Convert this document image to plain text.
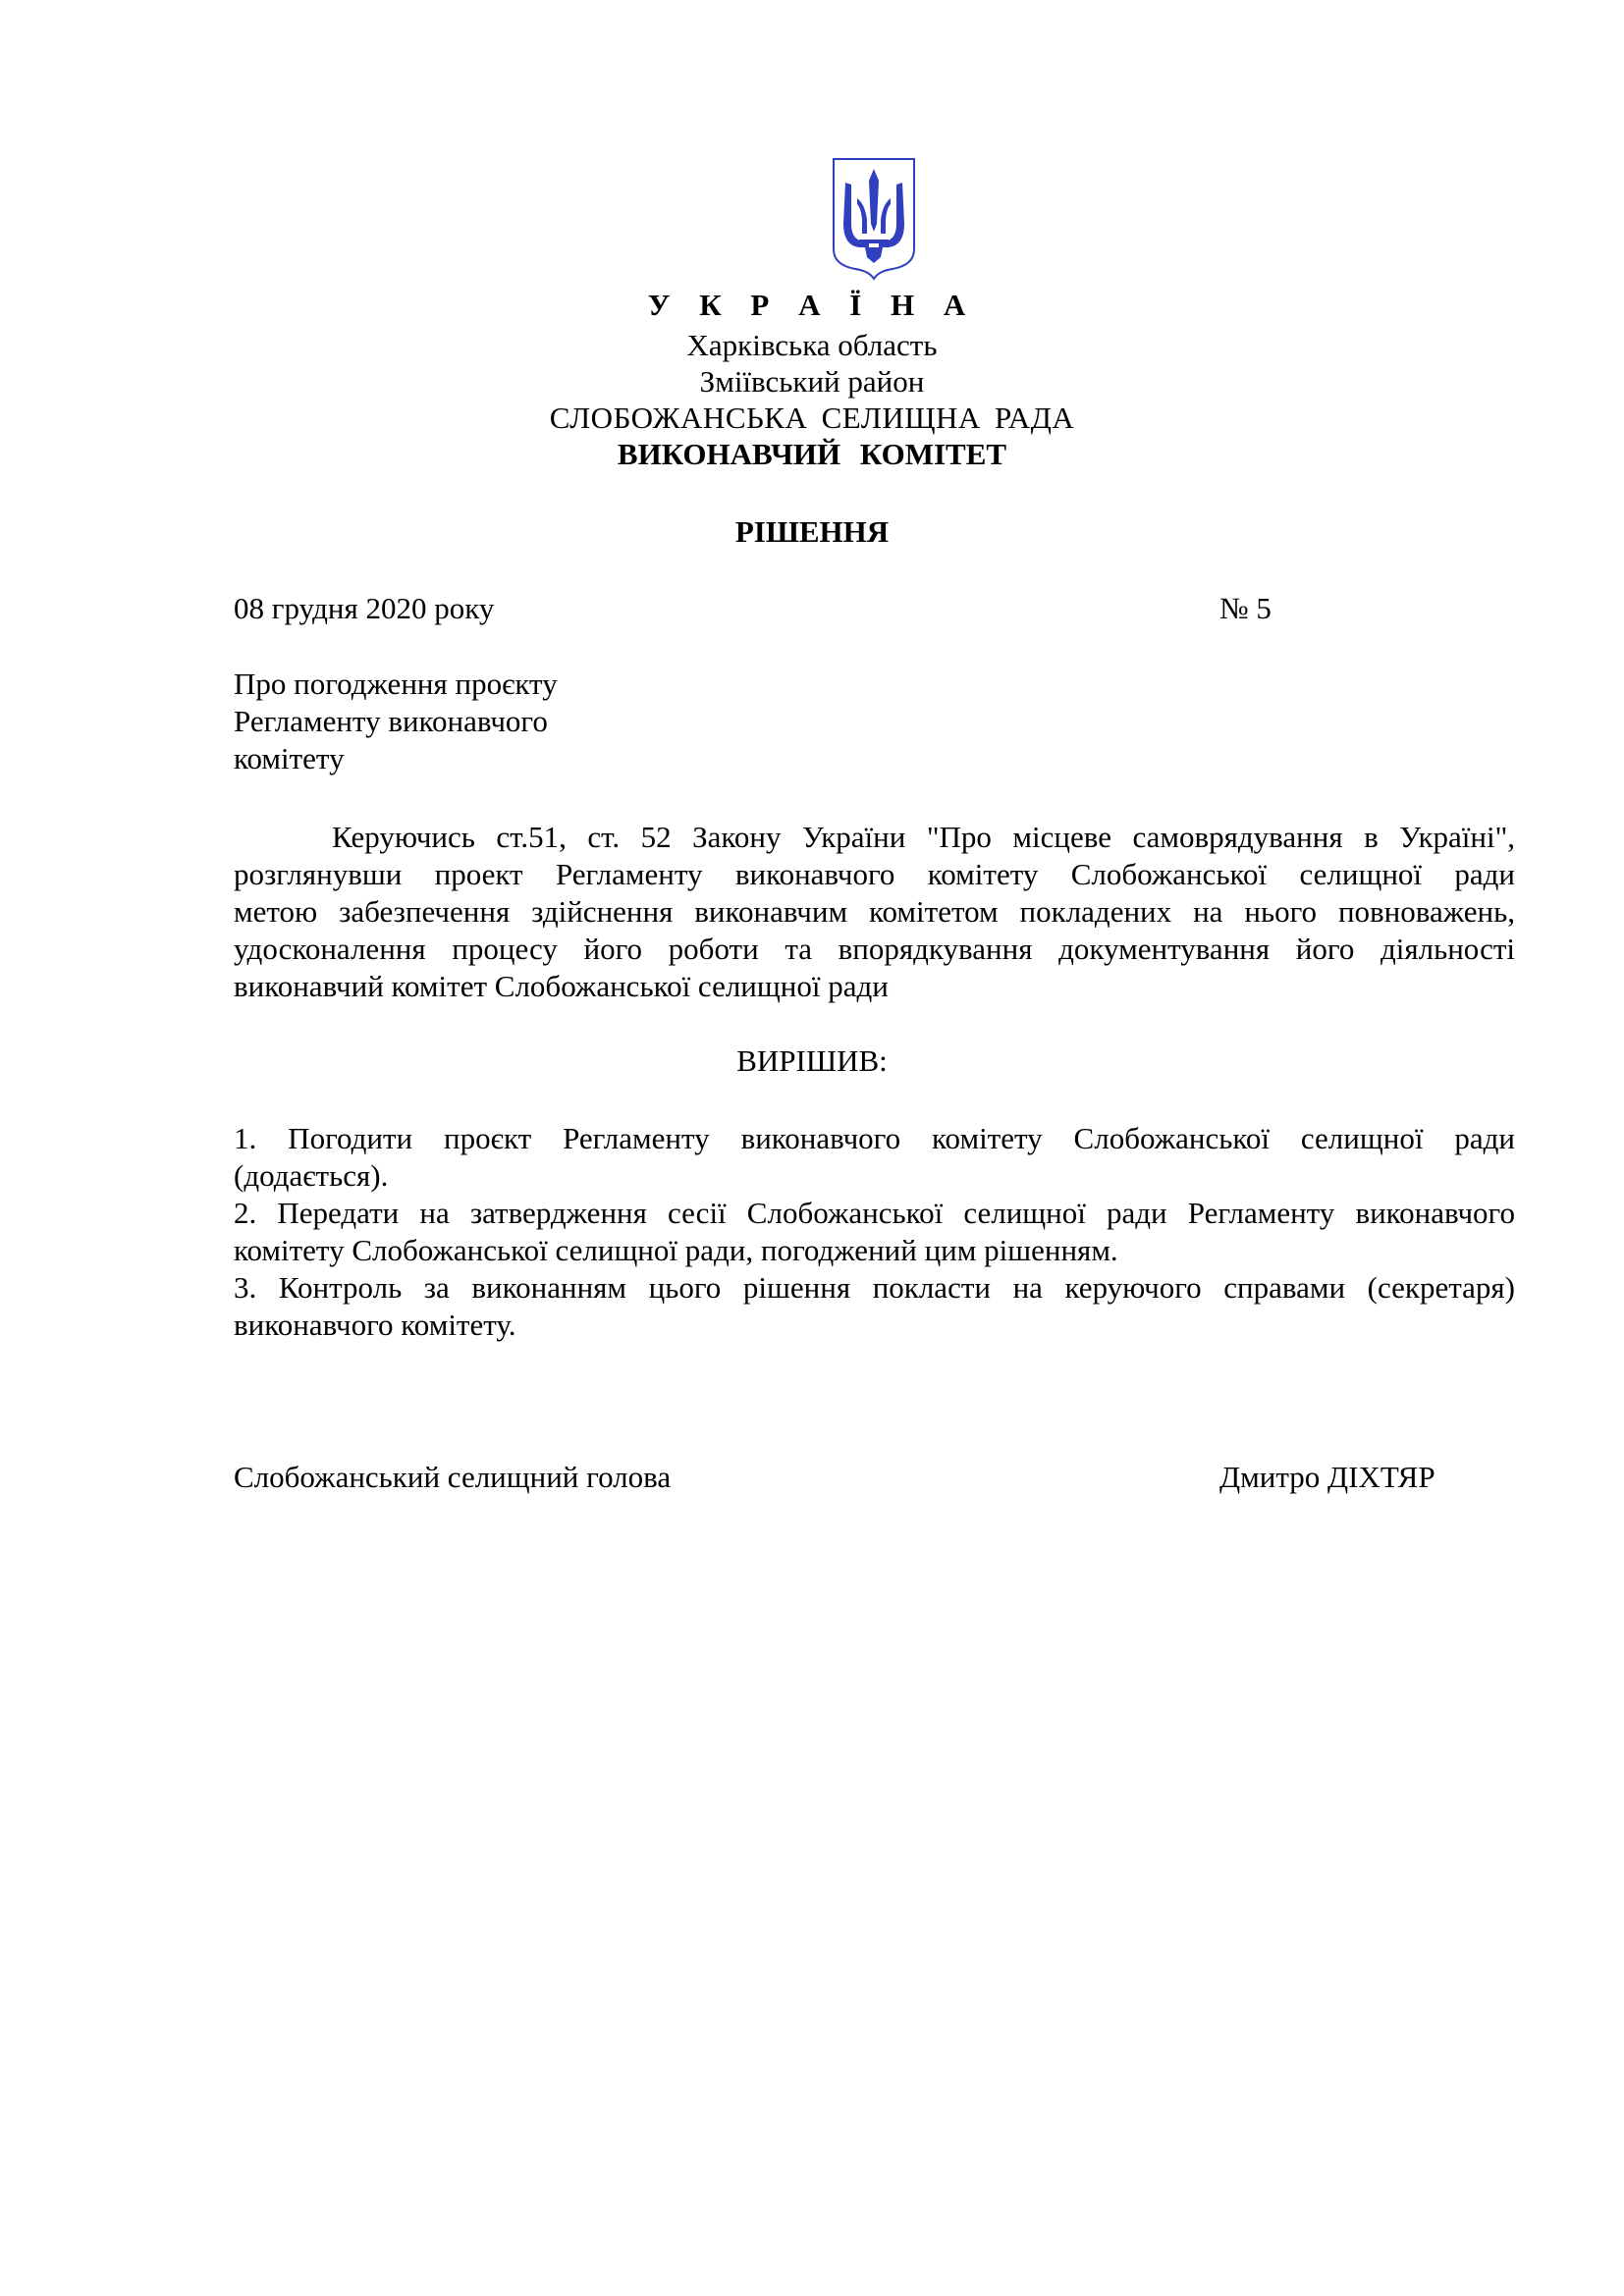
У К Р А Ї Н А
Харківська область
Зміївський район
СЛОБОЖАНСЬКА СЕЛИЩНА РАДА
ВИКОНАВЧИЙ КОМІТЕТ
РІШЕННЯ
08 грудня 2020 року	№ 5
Про погодження проєкту
Регламенту виконавчого
комітету
Керуючись ст.51, ст. 52 Закону України "Про місцеве самоврядування в Україні",
розглянувши проект Регламенту виконавчого комітету Слобожанської селищної ради
метою забезпечення здійснення виконавчим комітетом покладених на нього повноважень,
удосконалення процесу його роботи та впорядкування документування його діяльності
виконавчий комітет Слобожанської селищної ради
ВИРІШИВ:
1. Погодити проєкт Регламенту виконавчого комітету Слобожанської селищної ради
(додається).
2. Передати на затвердження сесії Слобожанської селищної ради Регламенту виконавчого
комітету Слобожанської селищної ради, погоджений цим рішенням.
3. Контроль за виконанням цього рішення покласти на керуючого справами (секретаря)
виконавчого комітету.
Слобожанський селищний голова	Дмитро ДІХТЯР
